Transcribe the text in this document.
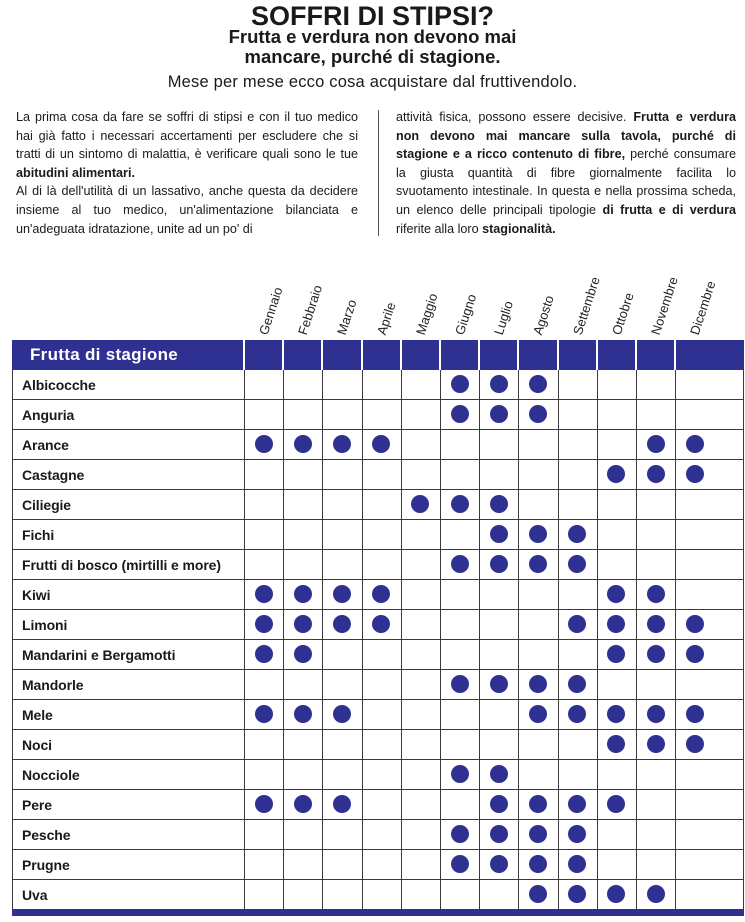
SOFFRI DI STIPSI?
Frutta e verdura non devono mai
mancare, purché di stagione.
Mese per mese ecco cosa acquistare dal fruttivendolo.

La prima cosa da fare se soffri di stipsi e con il tuo medico hai già fatto i necessari accertamenti per escludere che si tratti di un sintomo di malattia, è verificare quali sono le tue abitudini alimentari.

Al di là dell'utilità di un lassativo, anche questa da decidere insieme al tuo medico, un'alimentazione bilanciata e un'adeguata idratazione, unite ad un po' di

attività fisica, possono essere decisive. Frutta e verdura non devono mai mancare sulla tavola, purché di stagione e a ricco contenuto di fibre, perché consumare la giusta quantità di fibre giornalmente facilita lo svuotamento intestinale. In questa e nella prossima scheda, un elenco delle principali tipologie di frutta e di verdura riferite alla loro stagionalità.

Gennaio Febbraio Marzo Aprile Maggio Giugno Luglio Agosto Settembre Ottobre Novembre Dicembre
Frutta di stagione
Albicocche
Anguria
Arance
Castagne
Ciliegie
Fichi
Frutti di bosco (mirtilli e more)
Kiwi
Limoni
Mandarini e Bergamotti
Mandorle
Mele
Noci
Nocciole
Pere
Pesche
Prugne
Uva
